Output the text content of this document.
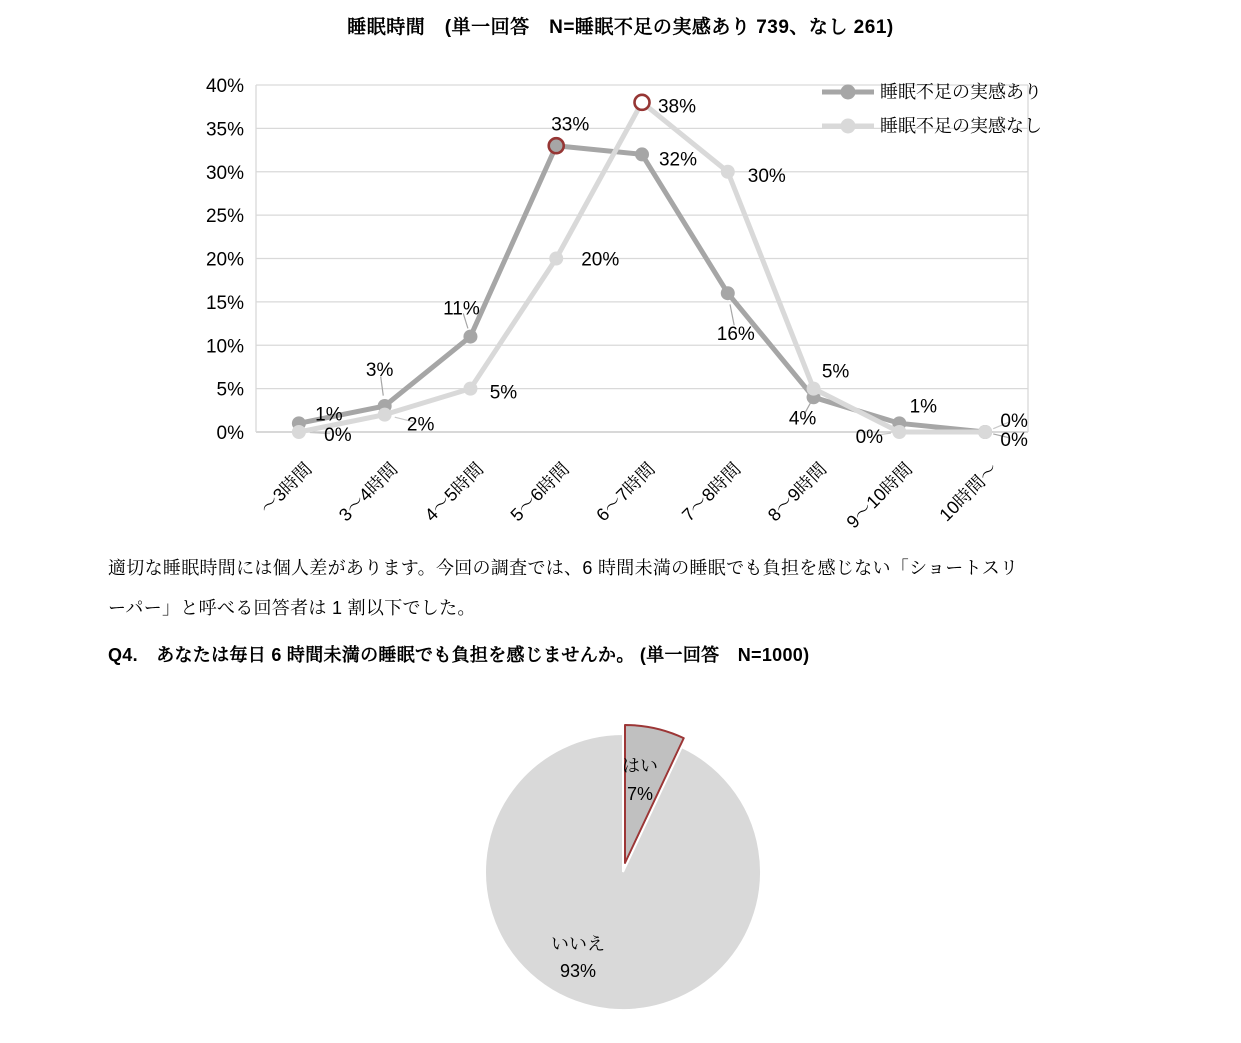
睡眠時間　(単一回答　N=睡眠不足の実感あり 739、なし 261)
0%
5%
10%
15%
20%
25%
30%
35%
40%
～3時間 3～4時間 4～5時間 5～6時間 6～7時間 7～8時間 8～9時間 9～10時間 10時間～
1%
3%
11%
33%
32%
16%
4%
1%
0%
0%	2%
5%
20%
38%
30%
5%
0%
0%
睡眠不足の実感あり
睡眠不足の実感なし
適切な睡眠時間には個人差があります。今回の調査では、6 時間未満の睡眠でも負担を感じない「ショートスリ
ーパー」と呼べる回答者は 1 割以下でした。
Q4.　あなたは毎日 6 時間未満の睡眠でも負担を感じませんか。 (単一回答　N=1000)
はい
7%
いいえ
93%
